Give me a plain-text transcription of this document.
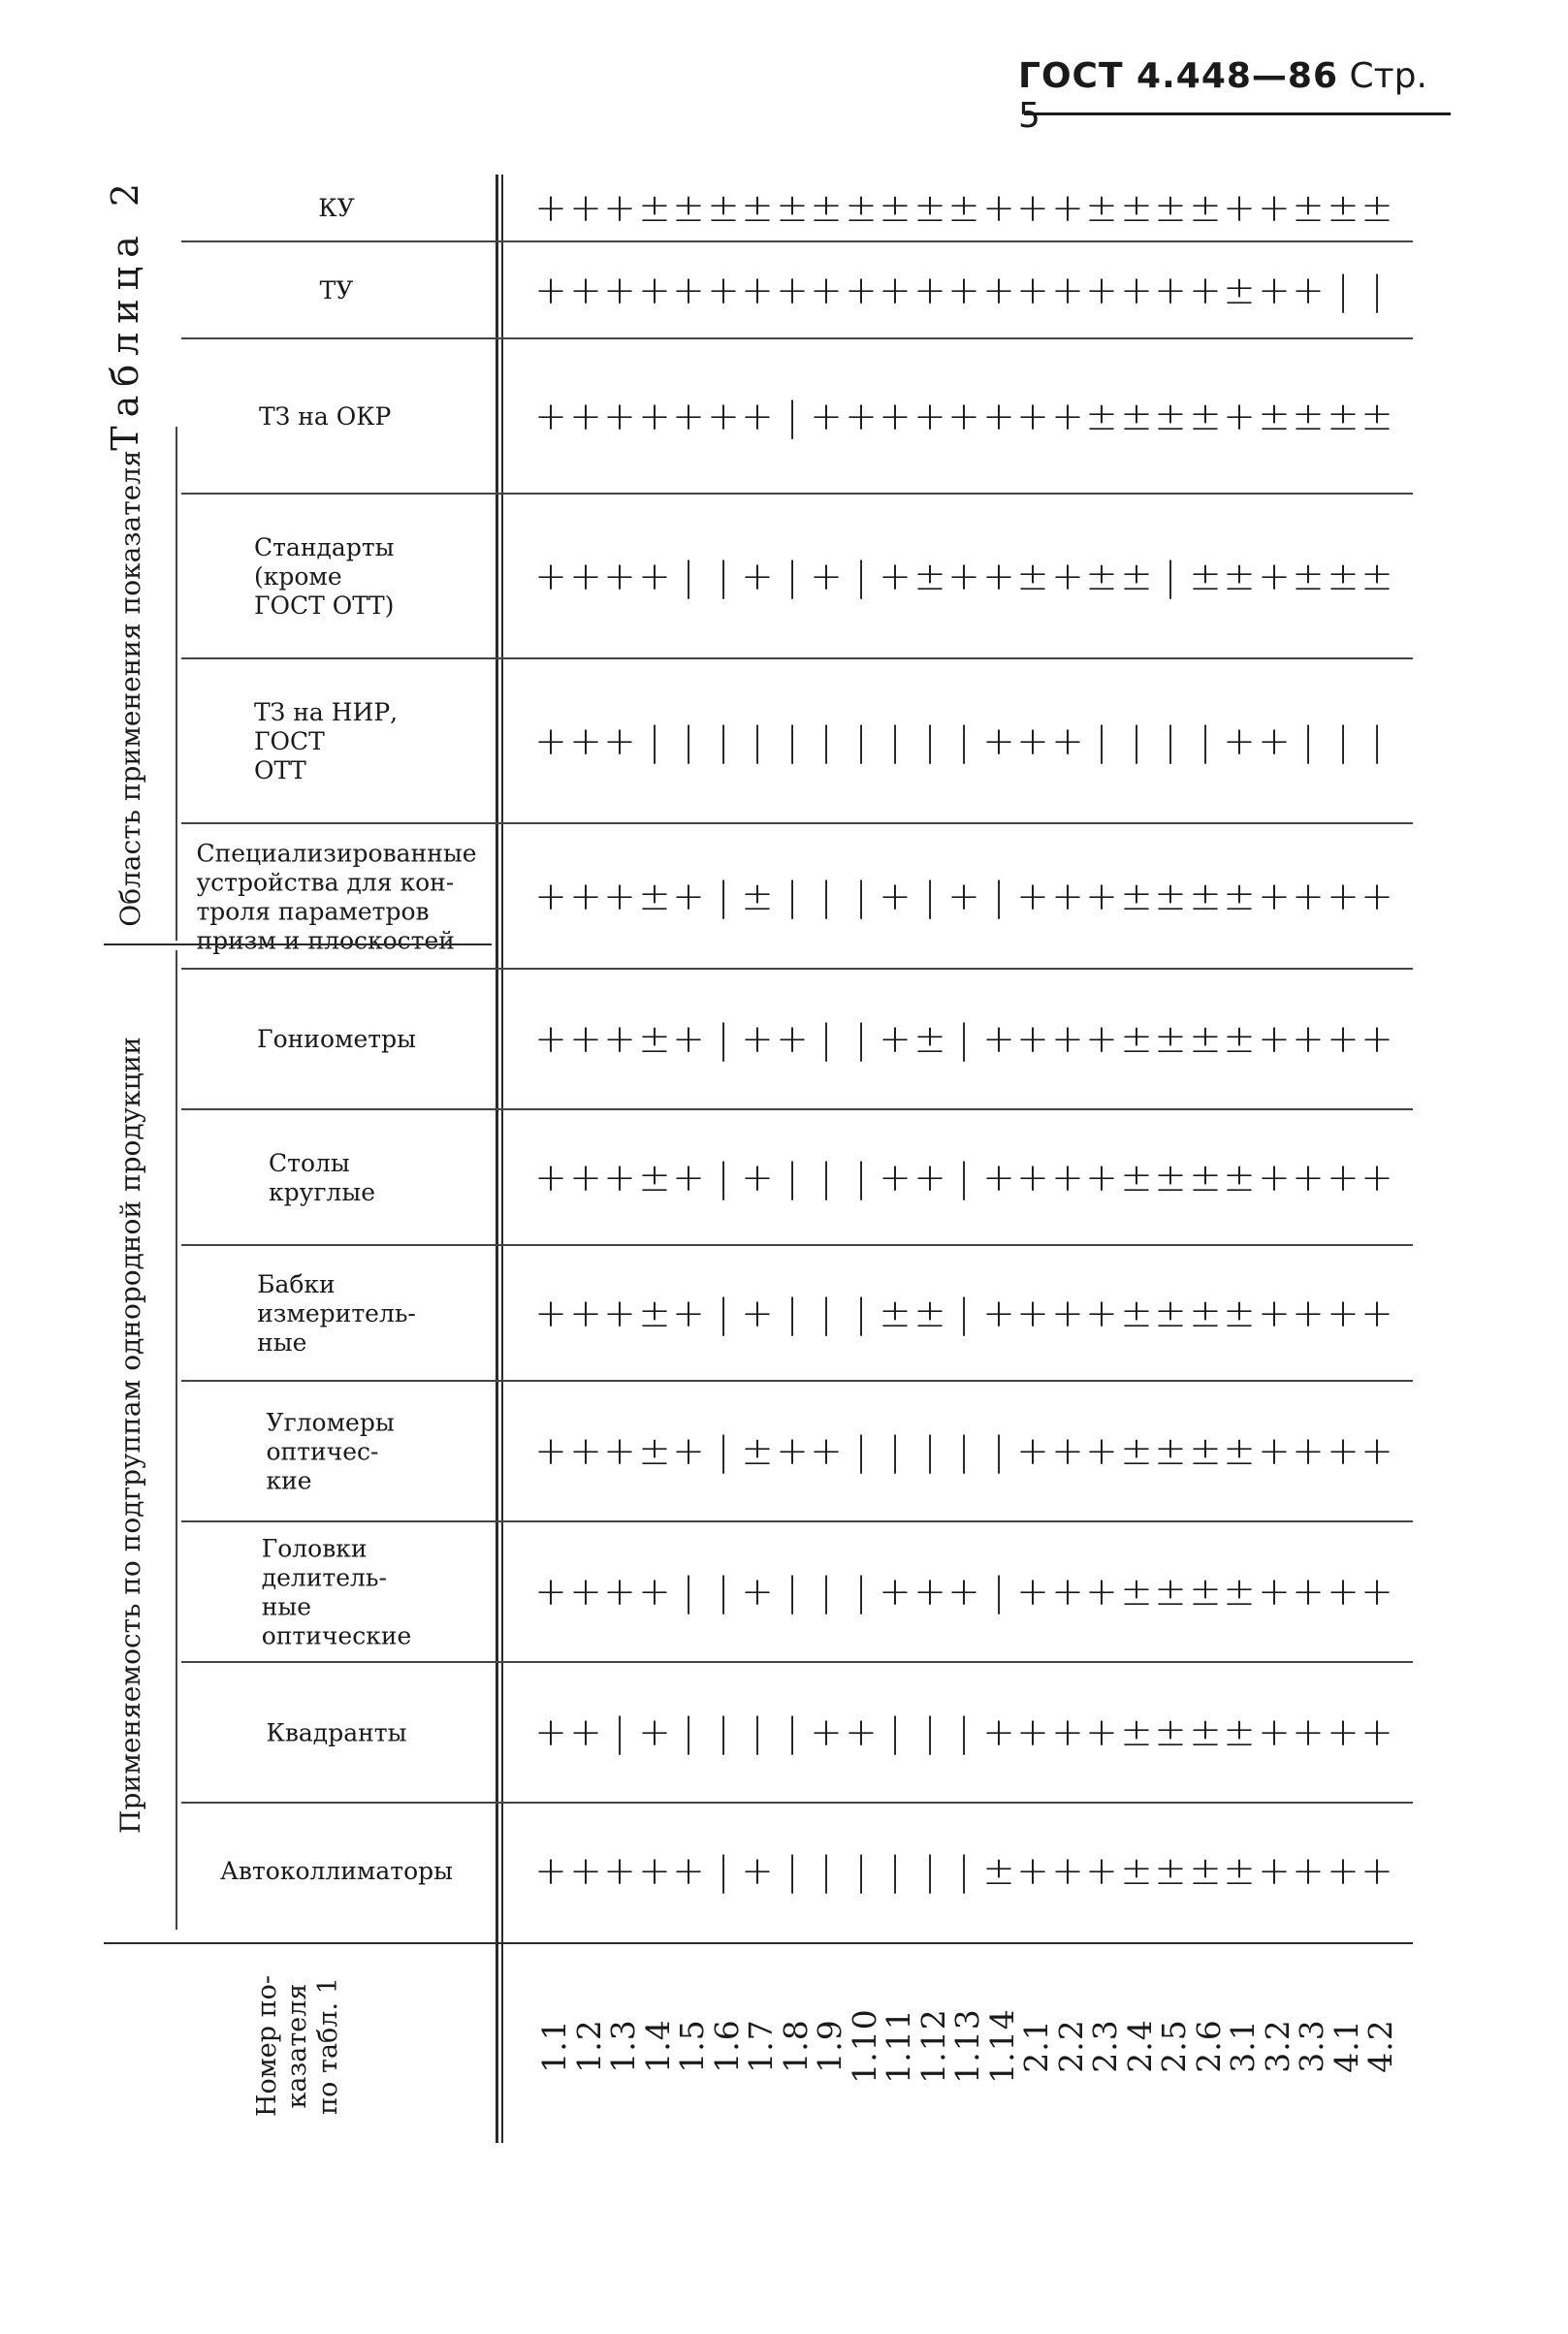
ГОСТ 4.448—86 Стр. 5
Таблица 2
Номер по-
казателя
по табл. 1
Применяемость по подгруппам однородной продукции
Область применения показателя
Автоколлиматоры
Квадранты
Головки делитель-
ные оптические
Угломеры оптичес-
кие
Бабки измеритель-
ные
Столы круглые
Гониометры
Специализированные
устройства для кон-
троля параметров
призм и плоскостей
ТЗ на НИР, ГОСТ
ОТТ
Стандарты (кроме
ГОСТ ОТТ)
ТЗ на ОКР
ТУ
КУ
1.1
1.2
1.3
1.4
1.5
1.6
1.7
1.8
1.9
1.10
1.11
1.12
1.13
1.14
2.1
2.2
2.3
2.4
2.5
2.6
3.1
3.2
3.3
4.1
4.2
+
+
+
+
+
+
+
+
+
+
+
+
+
+
+
+
+
+
+
+
+
+
+
+
+
+
+
|
+
+
+
+
+
+
+
+
+
+
+
+
+
+
±
±
±
±
±
|
+
+
+
±
+
|
|
+
+
+
+
+
|
|
+
+
±
|
|
|
|
|
|
|
|
|
|
+
+
±
+
|
+
±
+
+
+
±
|
+
+
+
±
|
|
|
+
|
|
+
|
|
|
|
+
±
|
+
|
+
|
|
|
|
|
+
+
+
±
|
+
|
|
|
|
|
|
|
|
+
+
±
|
|
+
|
±
+
+
+
|
+
+
+
±
|
|
+
|
±
+
±
|
|
±
+
+
±
|
|
+
|
|
|
|
+
|
+
+
+
±
±
+
|
|
+
+
+
|
+
+
+
+
+
+
+
+
+
+
+
+
+
+
±
+
+
+
+
+
+
+
+
+
+
+
+
+
+
+
+
+
+
+
+
+
+
+
+
|
±
±
+
±
±
±
±
±
±
±
±
±
|
±
±
+
±
±
±
±
±
±
±
±
±
|
|
±
+
±
±
±
±
±
±
±
±
±
|
±
±
+
±
±
±
±
±
±
±
±
±
+
±
+
±
+
+
+
+
+
+
+
+
+
+
+
±
+
+
+
+
+
+
+
+
+
+
|
±
±
+
±
+
+
+
+
+
+
+
+
|
±
±
|
±
+
+
+
+
+
+
+
+
|
±
±
|
±
